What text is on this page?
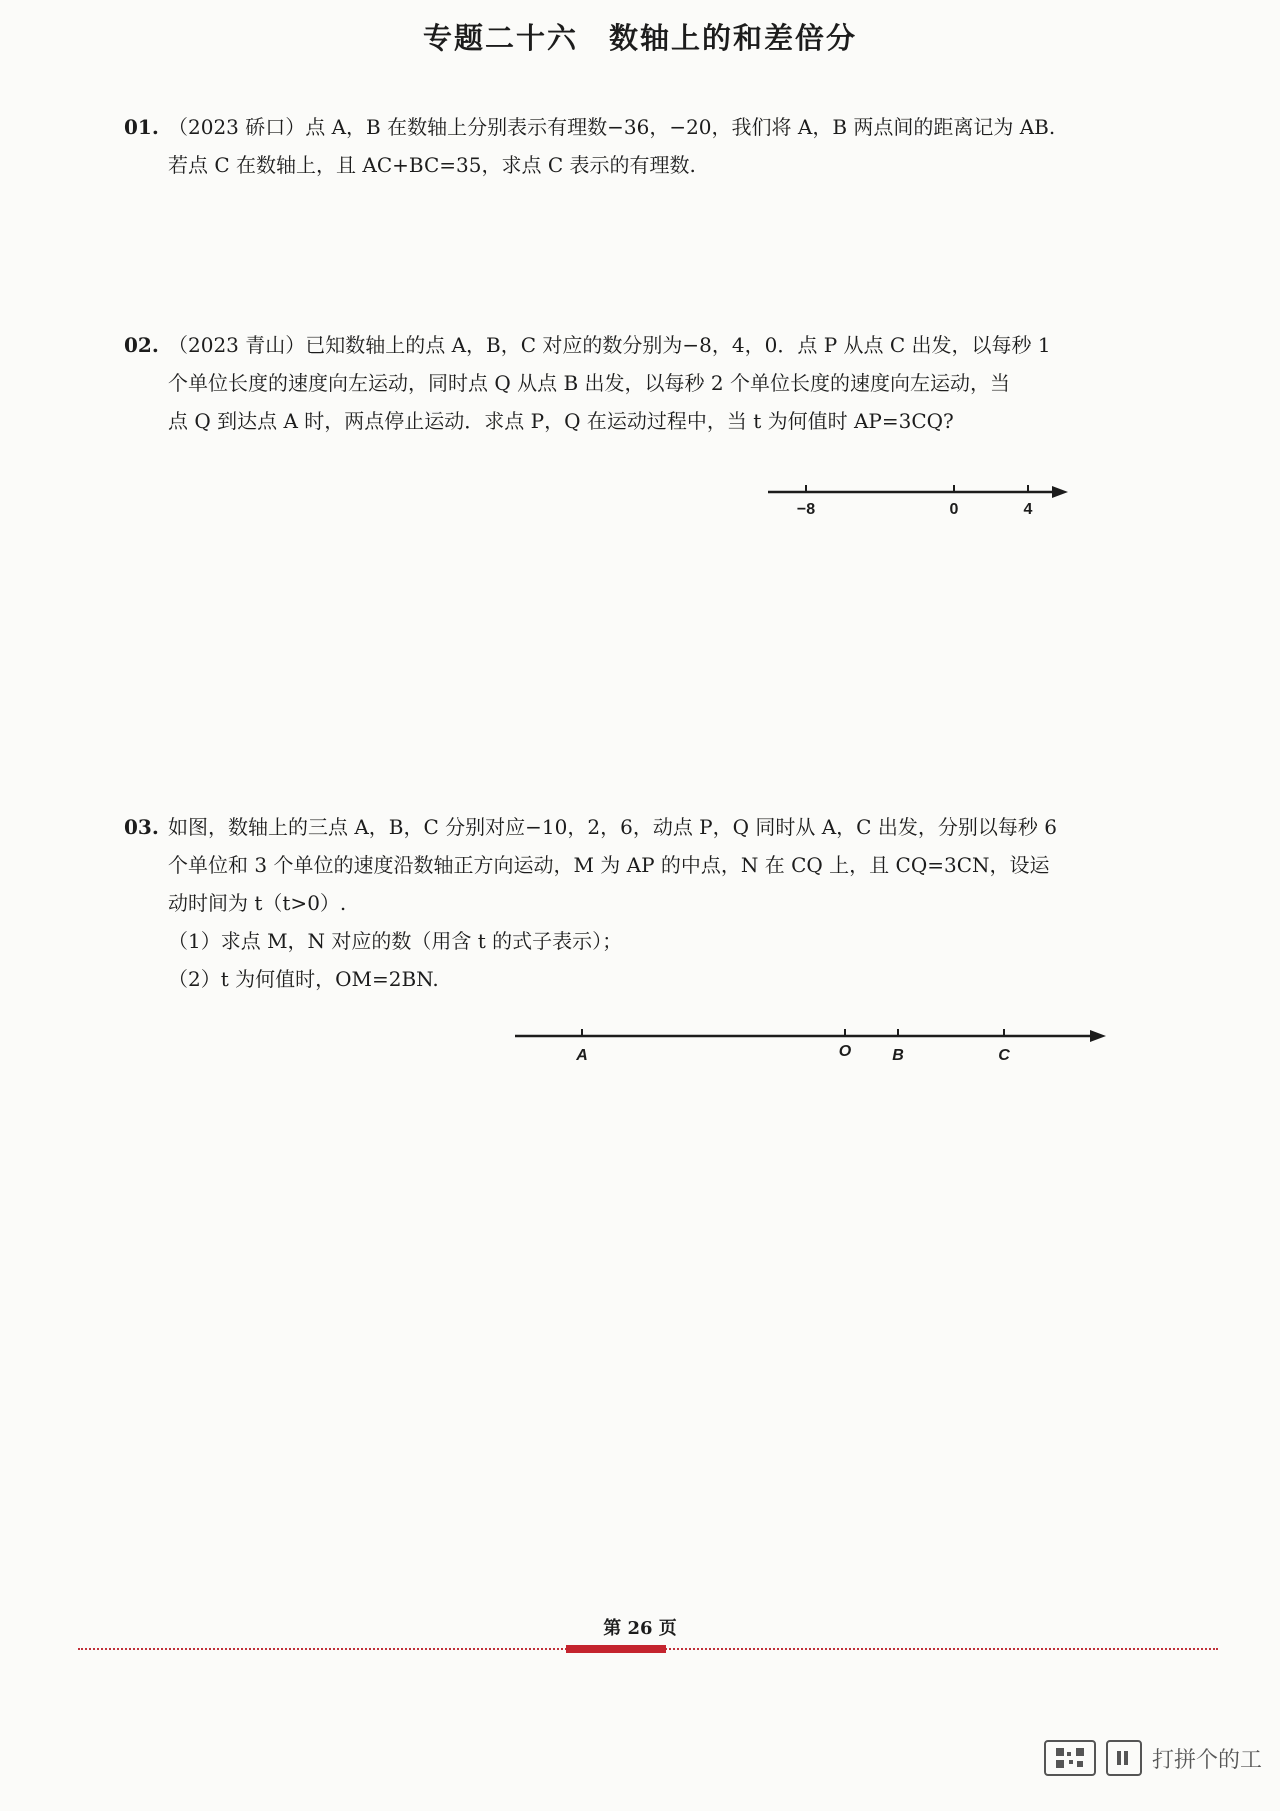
专题二十六　数轴上的和差倍分
01. （2023 硚口）点 A，B 在数轴上分别表示有理数−36，−20，我们将 A，B 两点间的距离记为 AB.
若点 C 在数轴上，且 AC+BC=35，求点 C 表示的有理数.
02. （2023 青山）已知数轴上的点 A，B，C 对应的数分别为−8，4，0．点 P 从点 C 出发，以每秒 1
个单位长度的速度向左运动，同时点 Q 从点 B 出发，以每秒 2 个单位长度的速度向左运动，当
点 Q 到达点 A 时，两点停止运动．求点 P，Q 在运动过程中，当 t 为何值时 AP=3CQ?
−8	0	4
03. 如图，数轴上的三点 A，B，C 分别对应−10，2，6，动点 P，Q 同时从 A，C 出发，分别以每秒 6
个单位和 3 个单位的速度沿数轴正方向运动，M 为 AP 的中点，N 在 CQ 上，且 CQ=3CN，设运
动时间为 t（t>0）.
（1）求点 M，N 对应的数（用含 t 的式子表示）；
（2）t 为何值时，OM=2BN.
A	O	B	C
第 26 页
打拼个的工
